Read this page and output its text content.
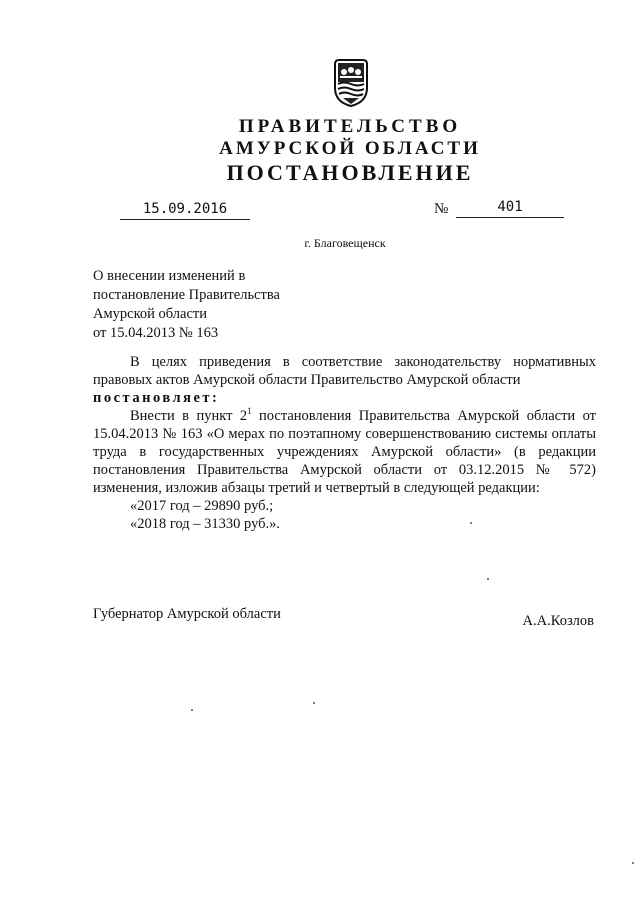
ПРАВИТЕЛЬСТВО
АМУРСКОЙ ОБЛАСТИ
ПОСТАНОВЛЕНИЕ
15.09.2016	№	401
г. Благовещенск
О внесении изменений в
постановление Правительства
Амурской области
от 15.04.2013 № 163

В целях приведения в соответствие законодательству нормативных правовых актов Амурской области Правительство Амурской области

постановляет:

Внести в пункт $2^1$ постановления Правительства Амурской области от 15.04.2013 № 163 «О мерах по поэтапному совершенствованию системы оплаты труда в государственных учреждениях Амурской области» (в редакции постановления Правительства Амурской области от 03.12.2015 № 572) изменения, изложив абзацы третий и четвертый в следующей редакции:

«2017 год – 29890 руб.;

«2018 год – 31330 руб.».

Губернатор Амурской области	А.А.Козлов
